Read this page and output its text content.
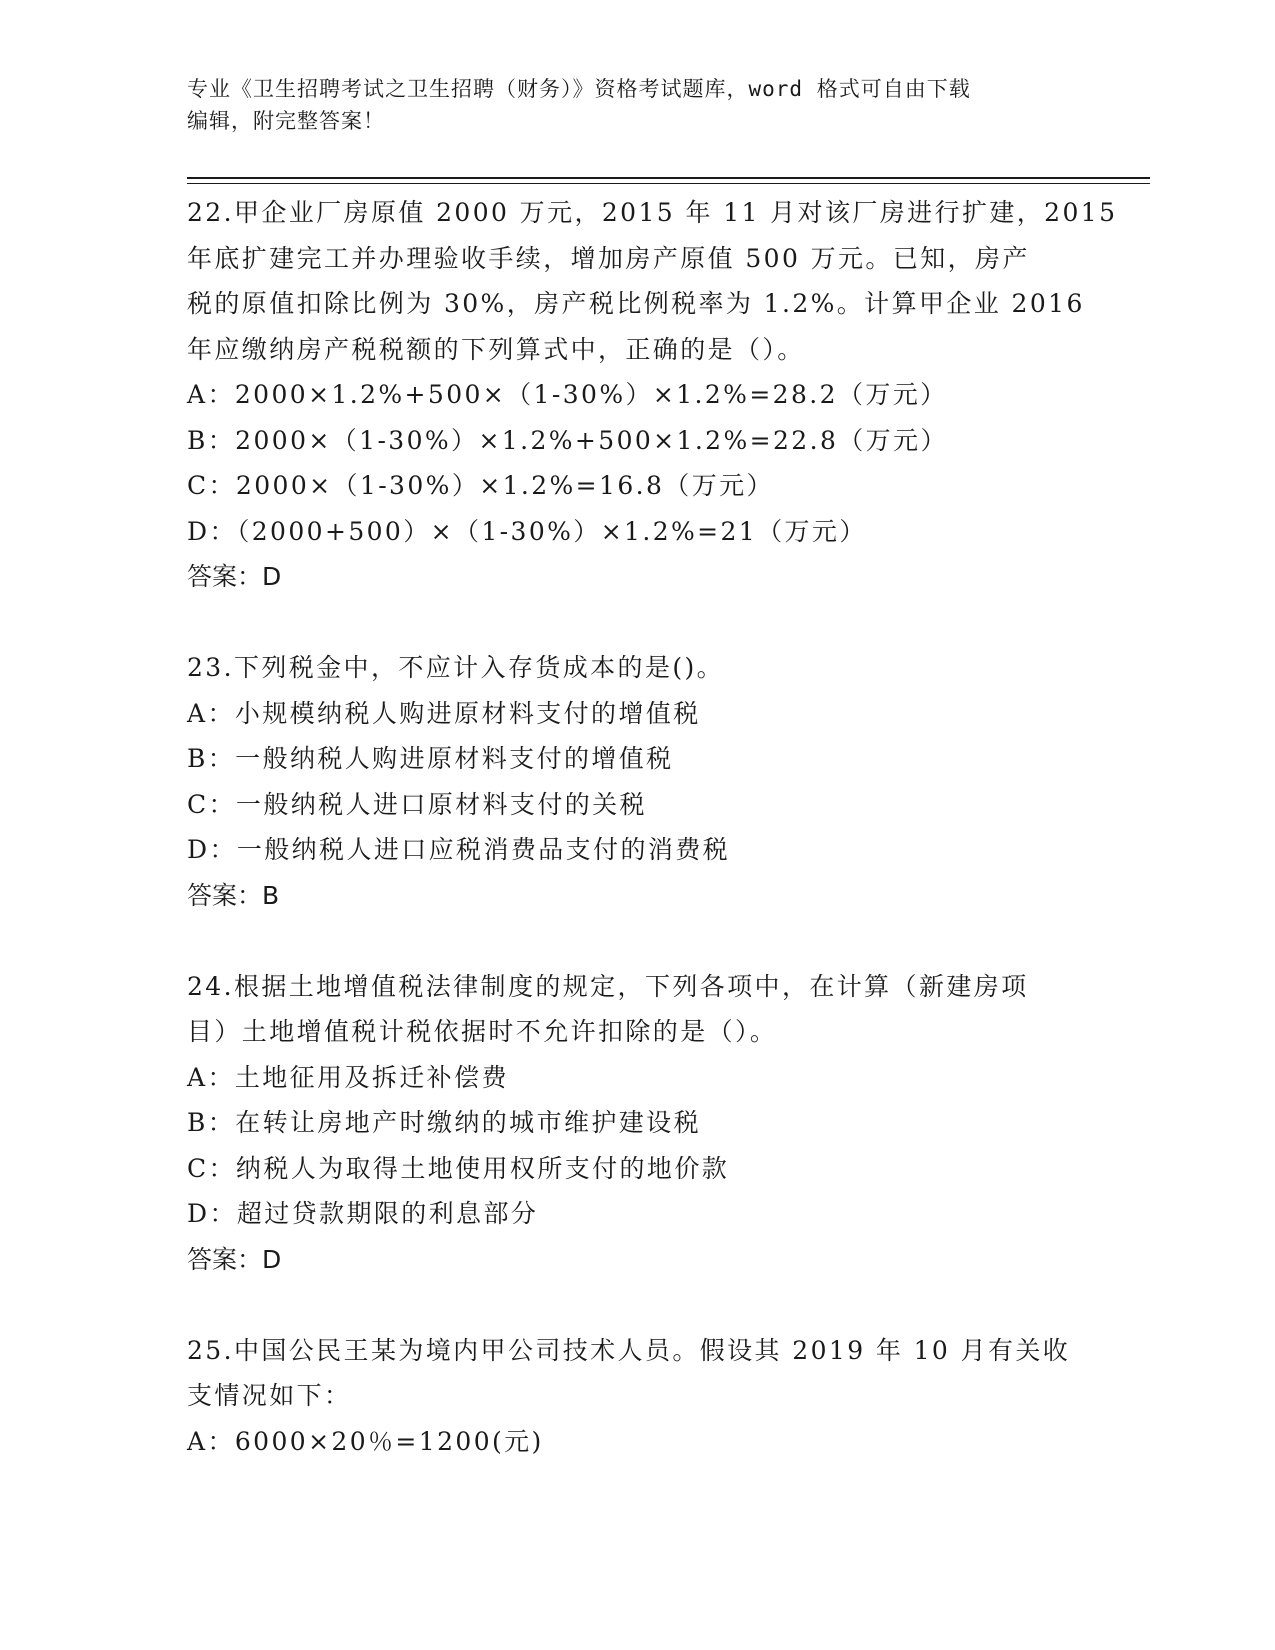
专业《卫生招聘考试之卫生招聘（财务）》资格考试题库，word 格式可自由下载
编辑，附完整答案！
22.甲企业厂房原值 2000 万元，2015 年 11 月对该厂房进行扩建，2015
年底扩建完工并办理验收手续，增加房产原值 500 万元。已知，房产
税的原值扣除比例为 30%，房产税比例税率为 1.2%。计算甲企业 2016
年应缴纳房产税税额的下列算式中，正确的是（）。
A：2000×1.2%+500×（1-30%）×1.2%=28.2（万元）
B：2000×（1-30%）×1.2%+500×1.2%=22.8（万元）
C：2000×（1-30%）×1.2%=16.8（万元）
D：（2000+500）×（1-30%）×1.2%=21（万元）
答案：D
23.下列税金中，不应计入存货成本的是()。
A：小规模纳税人购进原材料支付的增值税
B：一般纳税人购进原材料支付的增值税
C：一般纳税人进口原材料支付的关税
D：一般纳税人进口应税消费品支付的消费税
答案：B
24.根据土地增值税法律制度的规定，下列各项中，在计算（新建房项
目）土地增值税计税依据时不允许扣除的是（）。
A：土地征用及拆迁补偿费
B：在转让房地产时缴纳的城市维护建设税
C：纳税人为取得土地使用权所支付的地价款
D：超过贷款期限的利息部分
答案：D
25.中国公民王某为境内甲公司技术人员。假设其 2019 年 10 月有关收
支情况如下：
A：6000×20％=1200(元)
